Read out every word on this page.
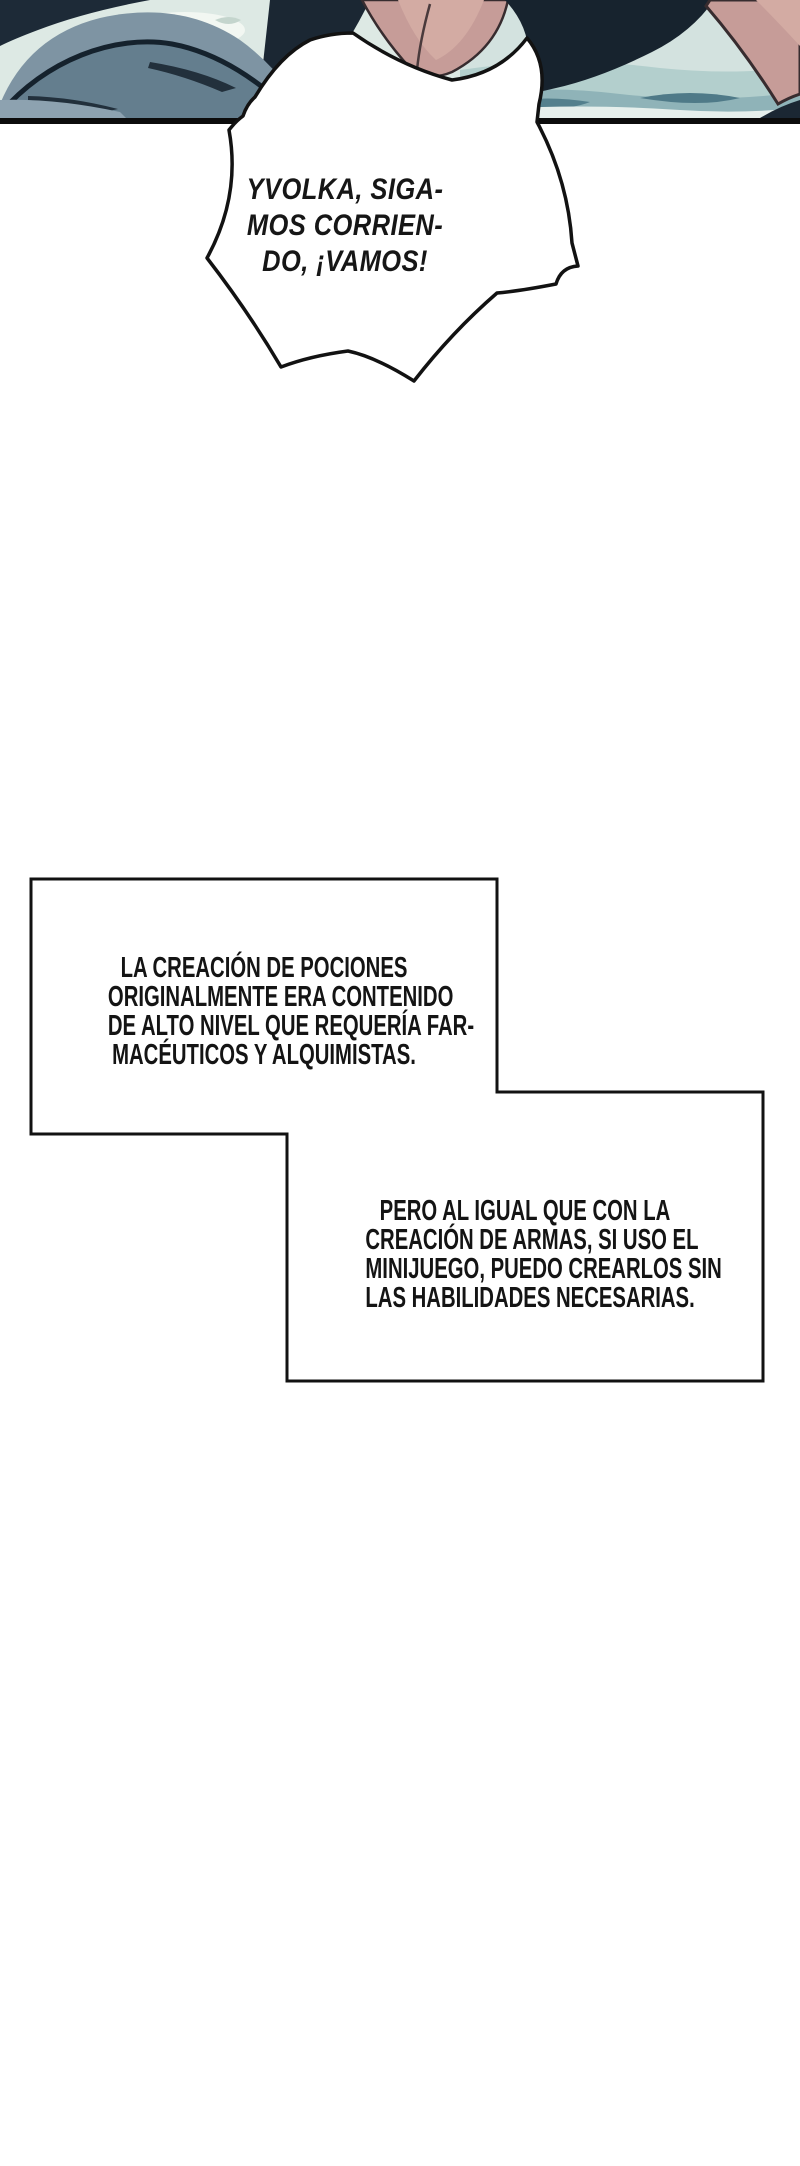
YVOLKA, SIGA-
MOS CORRIEN-
DO, ¡VAMOS!
LA CREACIÓN DE POCIONES
ORIGINALMENTE ERA CONTENIDO
DE ALTO NIVEL QUE REQUERÍA FAR-
MACÉUTICOS Y ALQUIMISTAS.
PERO AL IGUAL QUE CON LA
CREACIÓN DE ARMAS, SI USO EL
MINIJUEGO, PUEDO CREARLOS SIN
LAS HABILIDADES NECESARIAS.
